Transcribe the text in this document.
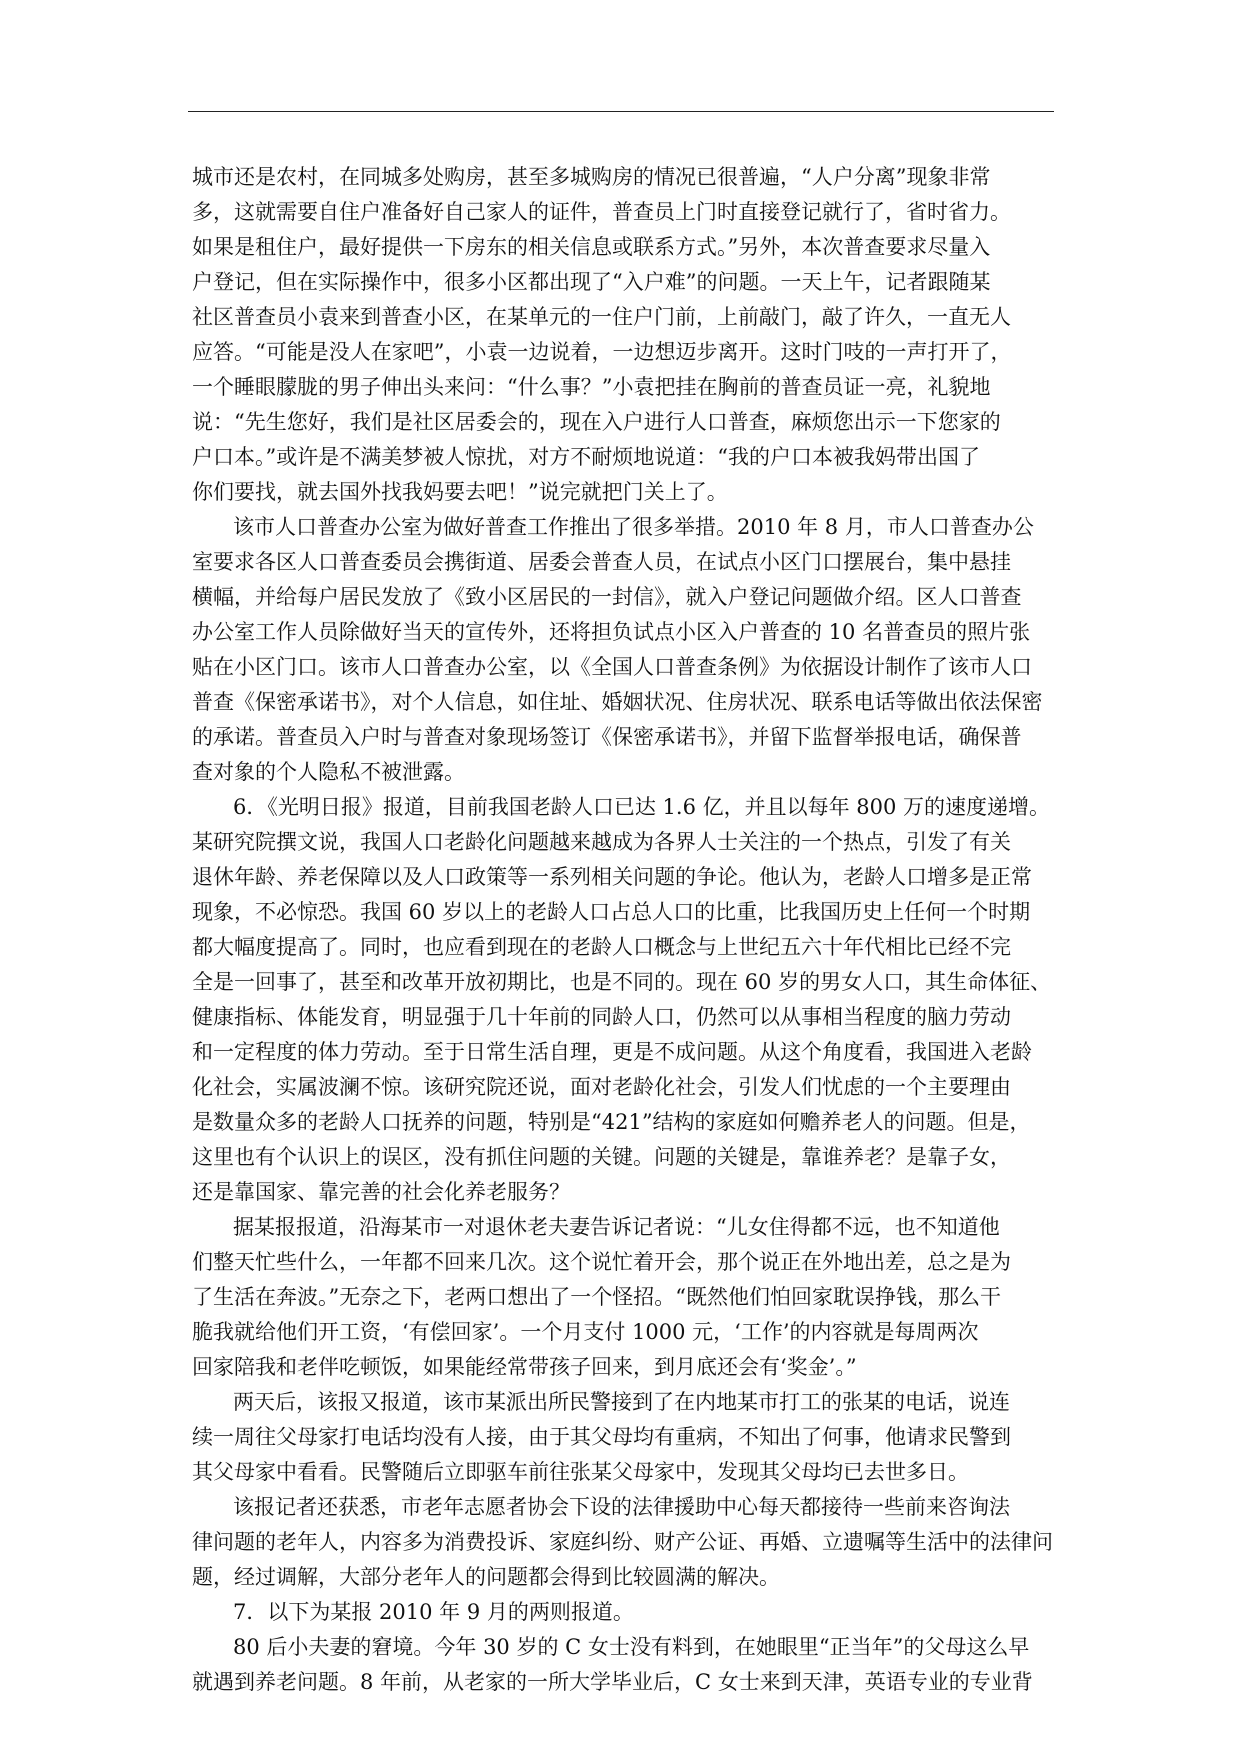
城市还是农村，在同城多处购房，甚至多城购房的情况已很普遍，“人户分离”现象非常
多，这就需要自住户准备好自己家人的证件，普查员上门时直接登记就行了，省时省力。
如果是租住户，最好提供一下房东的相关信息或联系方式。”另外，本次普查要求尽量入
户登记，但在实际操作中，很多小区都出现了“入户难”的问题。一天上午，记者跟随某
社区普查员小袁来到普查小区，在某单元的一住户门前，上前敲门，敲了许久，一直无人
应答。“可能是没人在家吧”，小袁一边说着，一边想迈步离开。这时门吱的一声打开了，
一个睡眼朦胧的男子伸出头来问：“什么事？”小袁把挂在胸前的普查员证一亮，礼貌地
说：“先生您好，我们是社区居委会的，现在入户进行人口普查，麻烦您出示一下您家的
户口本。”或许是不满美梦被人惊扰，对方不耐烦地说道：“我的户口本被我妈带出国了
你们要找，就去国外找我妈要去吧！”说完就把门关上了。
该市人口普查办公室为做好普查工作推出了很多举措。2010 年 8 月，市人口普查办公
室要求各区人口普查委员会携街道、居委会普查人员，在试点小区门口摆展台，集中悬挂
横幅，并给每户居民发放了《致小区居民的一封信》，就入户登记问题做介绍。区人口普查
办公室工作人员除做好当天的宣传外，还将担负试点小区入户普查的 10 名普查员的照片张
贴在小区门口。该市人口普查办公室，以《全国人口普查条例》为依据设计制作了该市人口
普查《保密承诺书》，对个人信息，如住址、婚姻状况、住房状况、联系电话等做出依法保密
的承诺。普查员入户时与普查对象现场签订《保密承诺书》，并留下监督举报电话，确保普
查对象的个人隐私不被泄露。
6．《光明日报》报道，目前我国老龄人口已达 1.6 亿，并且以每年 800 万的速度递增。
某研究院撰文说，我国人口老龄化问题越来越成为各界人士关注的一个热点，引发了有关
退休年龄、养老保障以及人口政策等一系列相关问题的争论。他认为，老龄人口增多是正常
现象，不必惊恐。我国 60 岁以上的老龄人口占总人口的比重，比我国历史上任何一个时期
都大幅度提高了。同时，也应看到现在的老龄人口概念与上世纪五六十年代相比已经不完
全是一回事了，甚至和改革开放初期比，也是不同的。现在 60 岁的男女人口，其生命体征、
健康指标、体能发育，明显强于几十年前的同龄人口，仍然可以从事相当程度的脑力劳动
和一定程度的体力劳动。至于日常生活自理，更是不成问题。从这个角度看，我国进入老龄
化社会，实属波澜不惊。该研究院还说，面对老龄化社会，引发人们忧虑的一个主要理由
是数量众多的老龄人口抚养的问题，特别是“421”结构的家庭如何赡养老人的问题。但是，
这里也有个认识上的误区，没有抓住问题的关键。问题的关键是，靠谁养老？是靠子女，
还是靠国家、靠完善的社会化养老服务？
据某报报道，沿海某市一对退休老夫妻告诉记者说：“儿女住得都不远，也不知道他
们整天忙些什么，一年都不回来几次。这个说忙着开会，那个说正在外地出差，总之是为
了生活在奔波。”无奈之下，老两口想出了一个怪招。“既然他们怕回家耽误挣钱，那么干
脆我就给他们开工资，‘有偿回家’。一个月支付 1000 元，‘工作’的内容就是每周两次
回家陪我和老伴吃顿饭，如果能经常带孩子回来，到月底还会有‘奖金’。”
两天后，该报又报道，该市某派出所民警接到了在内地某市打工的张某的电话，说连
续一周往父母家打电话均没有人接，由于其父母均有重病，不知出了何事，他请求民警到
其父母家中看看。民警随后立即驱车前往张某父母家中，发现其父母均已去世多日。
该报记者还获悉，市老年志愿者协会下设的法律援助中心每天都接待一些前来咨询法
律问题的老年人，内容多为消费投诉、家庭纠纷、财产公证、再婚、立遗嘱等生活中的法律问
题，经过调解，大部分老年人的问题都会得到比较圆满的解决。
7．以下为某报 2010 年 9 月的两则报道。
80 后小夫妻的窘境。今年 30 岁的 C 女士没有料到，在她眼里“正当年”的父母这么早
就遇到养老问题。8 年前，从老家的一所大学毕业后，C 女士来到天津，英语专业的专业背
